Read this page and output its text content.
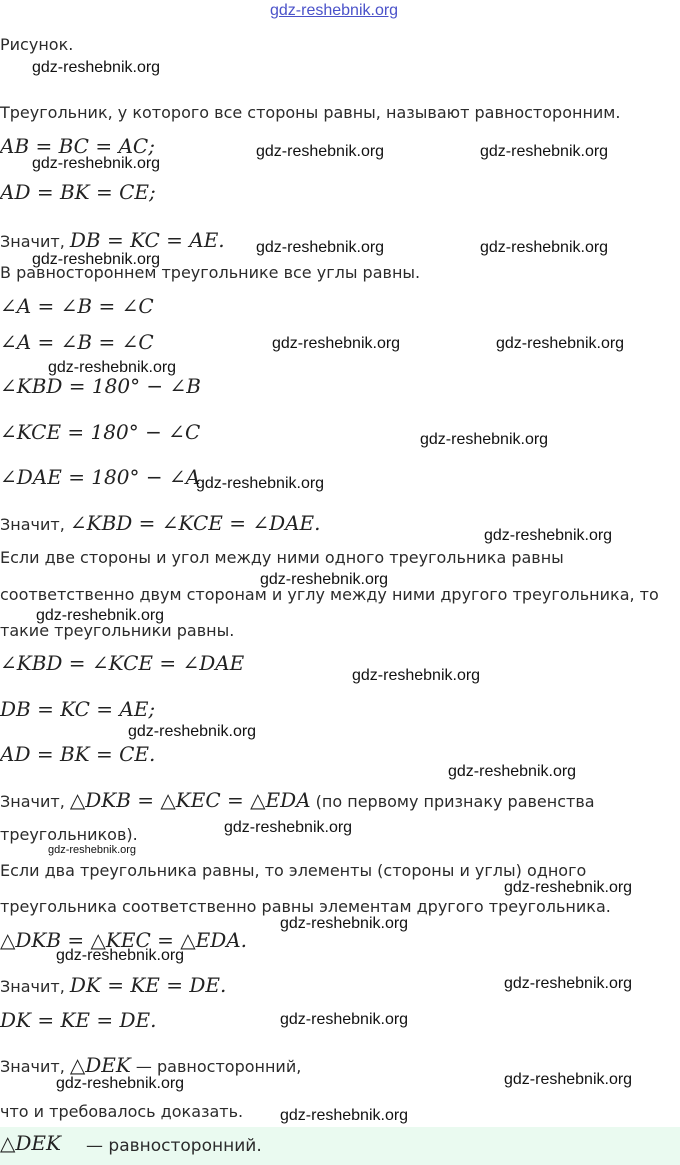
gdz-reshebnik.org
Рисунок.
Треугольник, у которого все стороны равны, называют равносторонним.
AB = BC = AC;
AD = BK = CE;
Значит, DB = KC = AE.
В равностороннем треугольнике все углы равны.
∠A = ∠B = ∠C
∠A = ∠B = ∠C
∠KBD = 180° − ∠B
∠KCE = 180° − ∠C
∠DAE = 180° − ∠A
Значит, ∠KBD = ∠KCE = ∠DAE.
Если две стороны и угол между ними одного треугольника равны
соответственно двум сторонам и углу между ними другого треугольника, то
такие треугольники равны.
∠KBD = ∠KCE = ∠DAE
DB = KC = AE;
AD = BK = CE.
Значит, △DKB = △KEC = △EDA (по первому признаку равенства
треугольников).
Если два треугольника равны, то элементы (стороны и углы) одного
треугольника соответственно равны элементам другого треугольника.
△DKB = △KEC = △EDA.
Значит, DK = KE = DE.
DK = KE = DE.
Значит, △DEK — равносторонний,
что и требовалось доказать.
△DEK — равносторонний.
gdz-reshebnik.org
gdz-reshebnik.org
gdz-reshebnik.org	gdz-reshebnik.org
gdz-reshebnik.org
gdz-reshebnik.org	gdz-reshebnik.org
gdz-reshebnik.org	gdz-reshebnik.org
gdz-reshebnik.org
gdz-reshebnik.org
gdz-reshebnik.org
gdz-reshebnik.org
gdz-reshebnik.org
gdz-reshebnik.org
gdz-reshebnik.org
gdz-reshebnik.org
gdz-reshebnik.org
gdz-reshebnik.org
gdz-reshebnik.org
gdz-reshebnik.org
gdz-reshebnik.org
gdz-reshebnik.org
gdz-reshebnik.org
gdz-reshebnik.org
gdz-reshebnik.org	gdz-reshebnik.org
gdz-reshebnik.org
